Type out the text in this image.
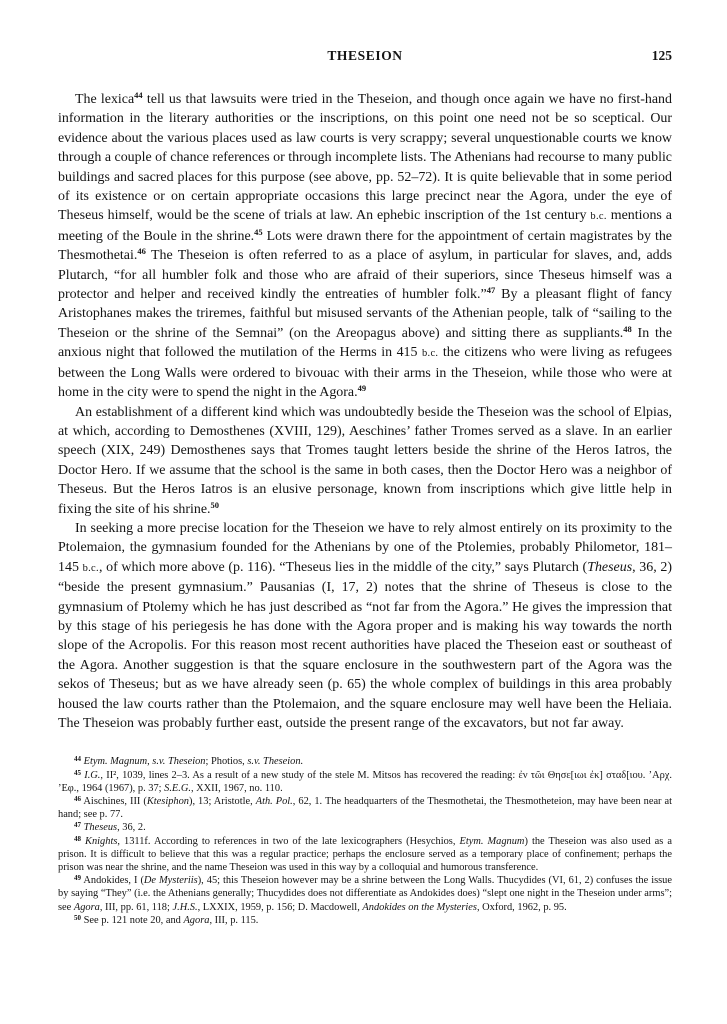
THESEION	125

The lexica$^{44}$ tell us that lawsuits were tried in the Theseion, and though once again we have no first-hand information in the literary authorities or the inscriptions, on this point one need not be so sceptical. Our evidence about the various places used as law courts is very scrappy; several unquestionable courts we know through a couple of chance references or through incomplete lists. The Athenians had recourse to many public buildings and sacred places for this purpose (see above, pp. 52–72). It is quite believable that in some period of its existence or on certain appropriate occasions this large precinct near the Agora, under the eye of Theseus himself, would be the scene of trials at law. An ephebic inscription of the 1st century b.c. mentions a meeting of the Boule in the shrine.$^{45}$ Lots were drawn there for the appointment of certain magistrates by the Thesmothetai.$^{46}$ The Theseion is often referred to as a place of asylum, in particular for slaves, and, adds Plutarch, “for all humbler folk and those who are afraid of their superiors, since Theseus himself was a protector and helper and received kindly the entreaties of humbler folk.”$^{47}$ By a pleasant flight of fancy Aristophanes makes the triremes, faithful but misused servants of the Athenian people, talk of “sailing to the Theseion or the shrine of the Semnai” (on the Areopagus above) and sitting there as suppliants.$^{48}$ In the anxious night that followed the mutilation of the Herms in 415 b.c. the citizens who were living as refugees between the Long Walls were ordered to bivouac with their arms in the Theseion, while those who were at home in the city were to spend the night in the Agora.$^{49}$

An establishment of a different kind which was undoubtedly beside the Theseion was the school of Elpias, at which, according to Demosthenes (XVIII, 129), Aeschines’ father Tromes served as a slave. In an earlier speech (XIX, 249) Demosthenes says that Tromes taught letters beside the shrine of the Heros Iatros, the Doctor Hero. If we assume that the school is the same in both cases, then the Doctor Hero was a neighbor of Theseus. But the Heros Iatros is an elusive personage, known from inscriptions which give little help in fixing the site of his shrine.$^{50}$

In seeking a more precise location for the Theseion we have to rely almost entirely on its proximity to the Ptolemaion, the gymnasium founded for the Athenians by one of the Ptolemies, probably Philometor, 181–145 b.c., of which more above (p. 116). “Theseus lies in the middle of the city,” says Plutarch (Theseus, 36, 2) “beside the present gymnasium.” Pausanias (I, 17, 2) notes that the shrine of Theseus is close to the gymnasium of Ptolemy which he has just described as “not far from the Agora.” He gives the impression that by this stage of his periegesis he has done with the Agora proper and is making his way towards the north slope of the Acropolis. For this reason most recent authorities have placed the Theseion east or southeast of the Agora. Another suggestion is that the square enclosure in the southwestern part of the Agora was the sekos of Theseus; but as we have already seen (p. 65) the whole complex of buildings in this area probably housed the law courts rather than the Ptolemaion, and the square enclosure may well have been the Heliaia. The Theseion was probably further east, outside the present range of the excavators, but not far away.

$^{44}$ Etym. Magnum, s.v. Theseion; Photios, s.v. Theseion.

$^{45}$ I.G., II², 1039, lines 2–3. As a result of a new study of the stele M. Mitsos has recovered the reading: ἐν τῶι Θησε[ιωι ἐκ] σταδ[ιου. ’Αρχ. ’Εφ., 1964 (1967), p. 37; S.E.G., XXII, 1967, no. 110.

$^{46}$ Aischines, III (Ktesiphon), 13; Aristotle, Ath. Pol., 62, 1. The headquarters of the Thesmothetai, the Thesmotheteion, may have been near at hand; see p. 77.

$^{47}$ Theseus, 36, 2.

$^{48}$ Knights, 1311f. According to references in two of the late lexicographers (Hesychios, Etym. Magnum) the Theseion was also used as a prison. It is difficult to believe that this was a regular practice; perhaps the enclosure served as a temporary place of confinement; perhaps the prison was near the shrine, and the name Theseion was used in this way by a colloquial and humorous transference.

$^{49}$ Andokides, I (De Mysteriis), 45; this Theseion however may be a shrine between the Long Walls. Thucydides (VI, 61, 2) confuses the issue by saying “They” (i.e. the Athenians generally; Thucydides does not differentiate as Andokides does) “slept one night in the Theseion under arms”; see Agora, III, pp. 61, 118; J.H.S., LXXIX, 1959, p. 156; D. Macdowell, Andokides on the Mysteries, Oxford, 1962, p. 95.

$^{50}$ See p. 121 note 20, and Agora, III, p. 115.
